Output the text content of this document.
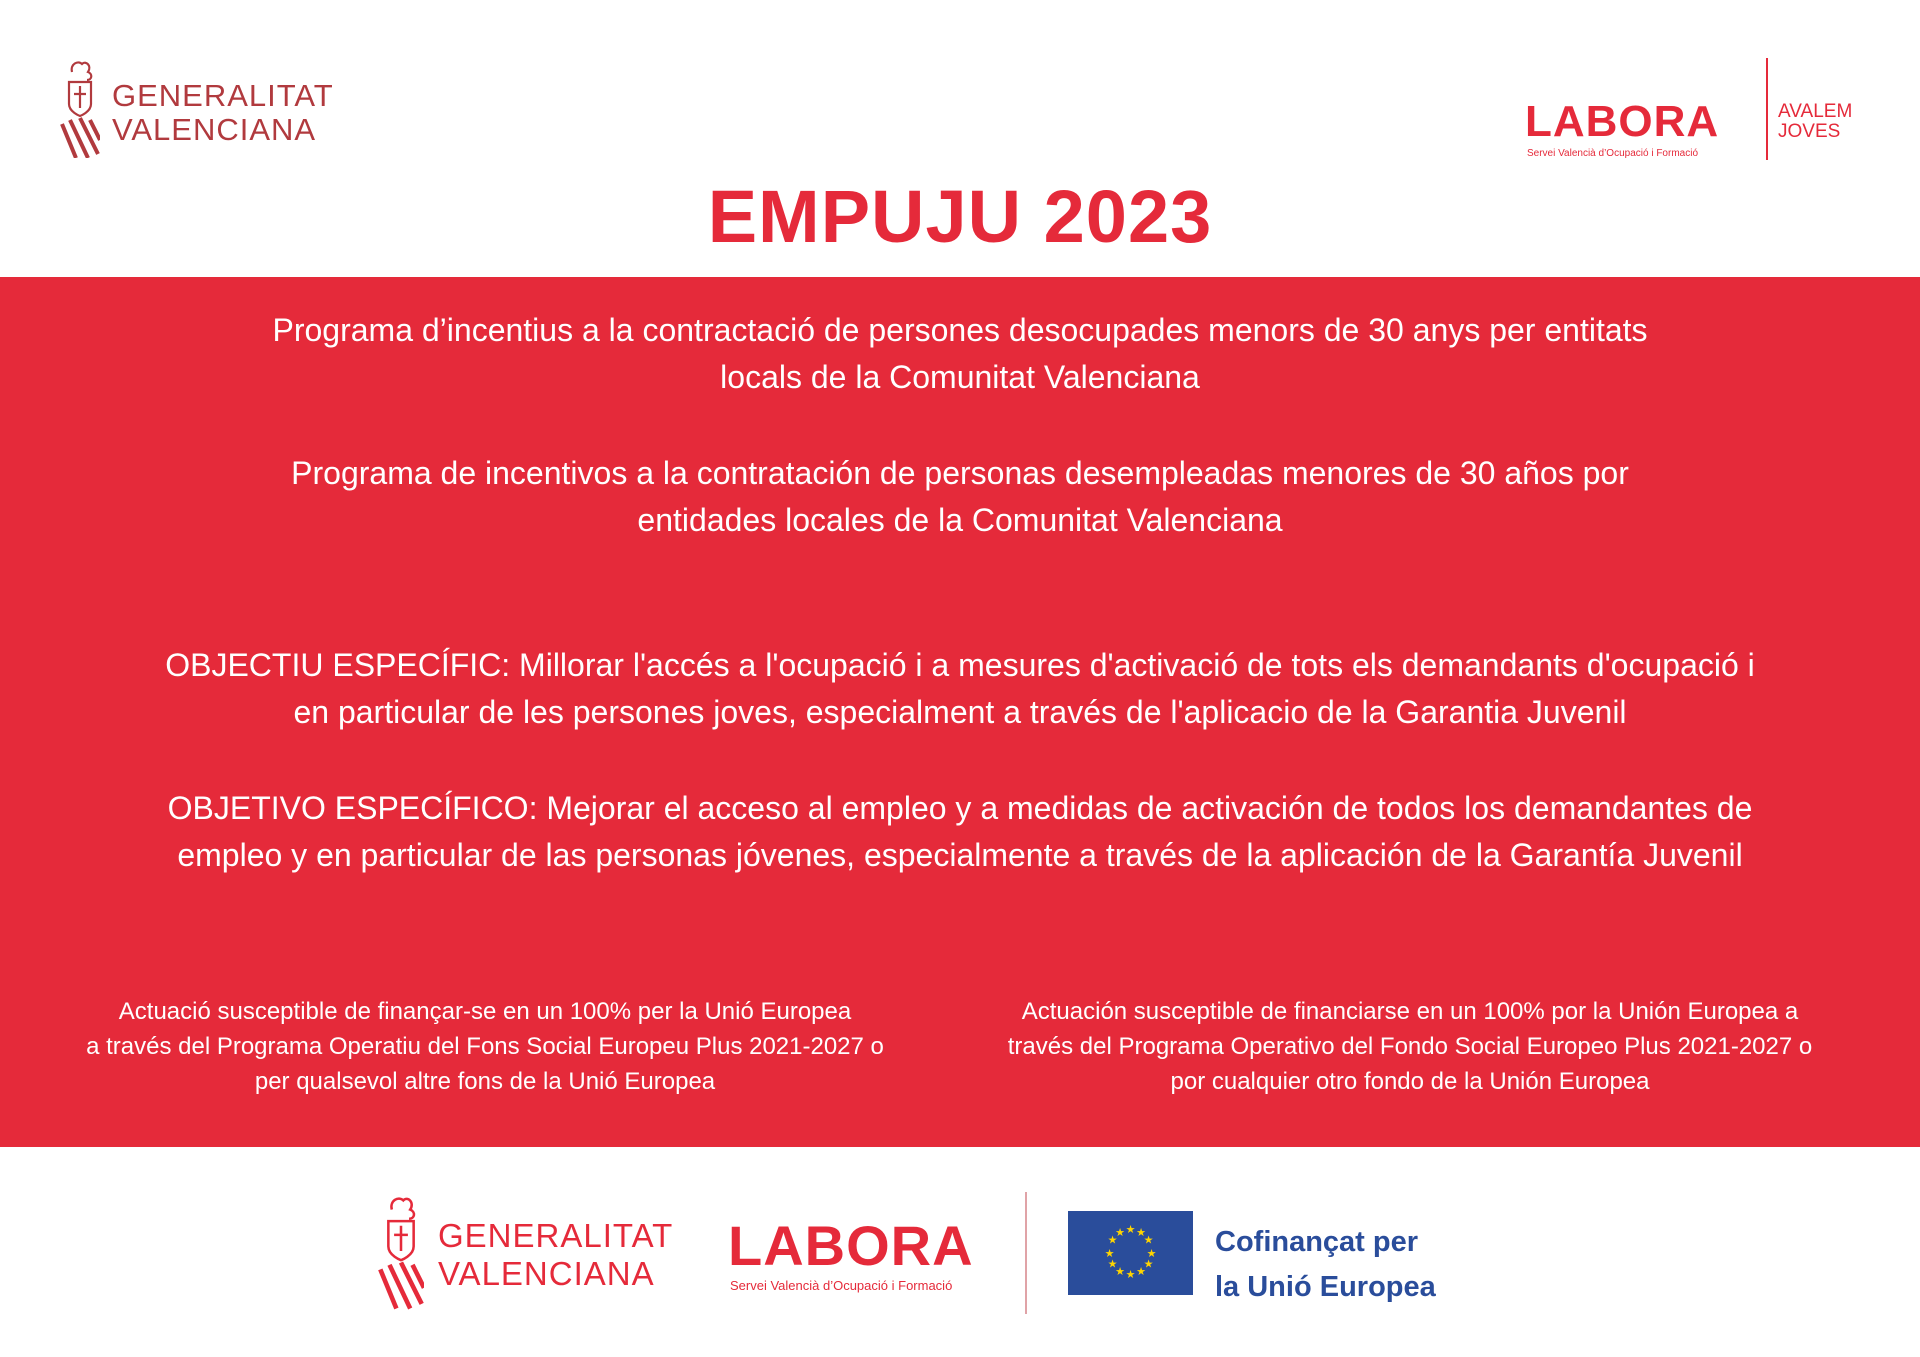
GENERALITAT
VALENCIANA	LABORA
Servei Valencià d’Ocupació i Formació
AVALEM
JOVES
EMPUJU 2023
Programa d’incentius a la contractació de persones desocupades menors de 30 anys per entitats
locals de la Comunitat Valenciana
Programa de incentivos a la contratación de personas desempleadas menores de 30 años por
entidades locales de la Comunitat Valenciana
OBJECTIU ESPECÍFIC: Millorar l'accés a l'ocupació i a mesures d'activació de tots els demandants d'ocupació i
en particular de les persones joves, especialment a través de l'aplicacio de la Garantia Juvenil
OBJETIVO ESPECÍFICO: Mejorar el acceso al empleo y a medidas de activación de todos los demandantes de
empleo y en particular de las personas jóvenes, especialmente a través de la aplicación de la Garantía Juvenil
Actuació susceptible de finançar-se en un 100% per la Unió Europea
a través del Programa Operatiu del Fons Social Europeu Plus 2021-2027 o
per qualsevol altre fons de la Unió Europea
Actuación susceptible de financiarse en un 100% por la Unión Europea a
través del Programa Operativo del Fondo Social Europeo Plus 2021-2027 o
por cualquier otro fondo de la Unión Europea
GENERALITAT
VALENCIANA LABORA
Servei Valencià d’Ocupació i Formació
★ ★
★
★
★
★
★
★
★
★
★
★	Cofinançat per
la Unió Europea
